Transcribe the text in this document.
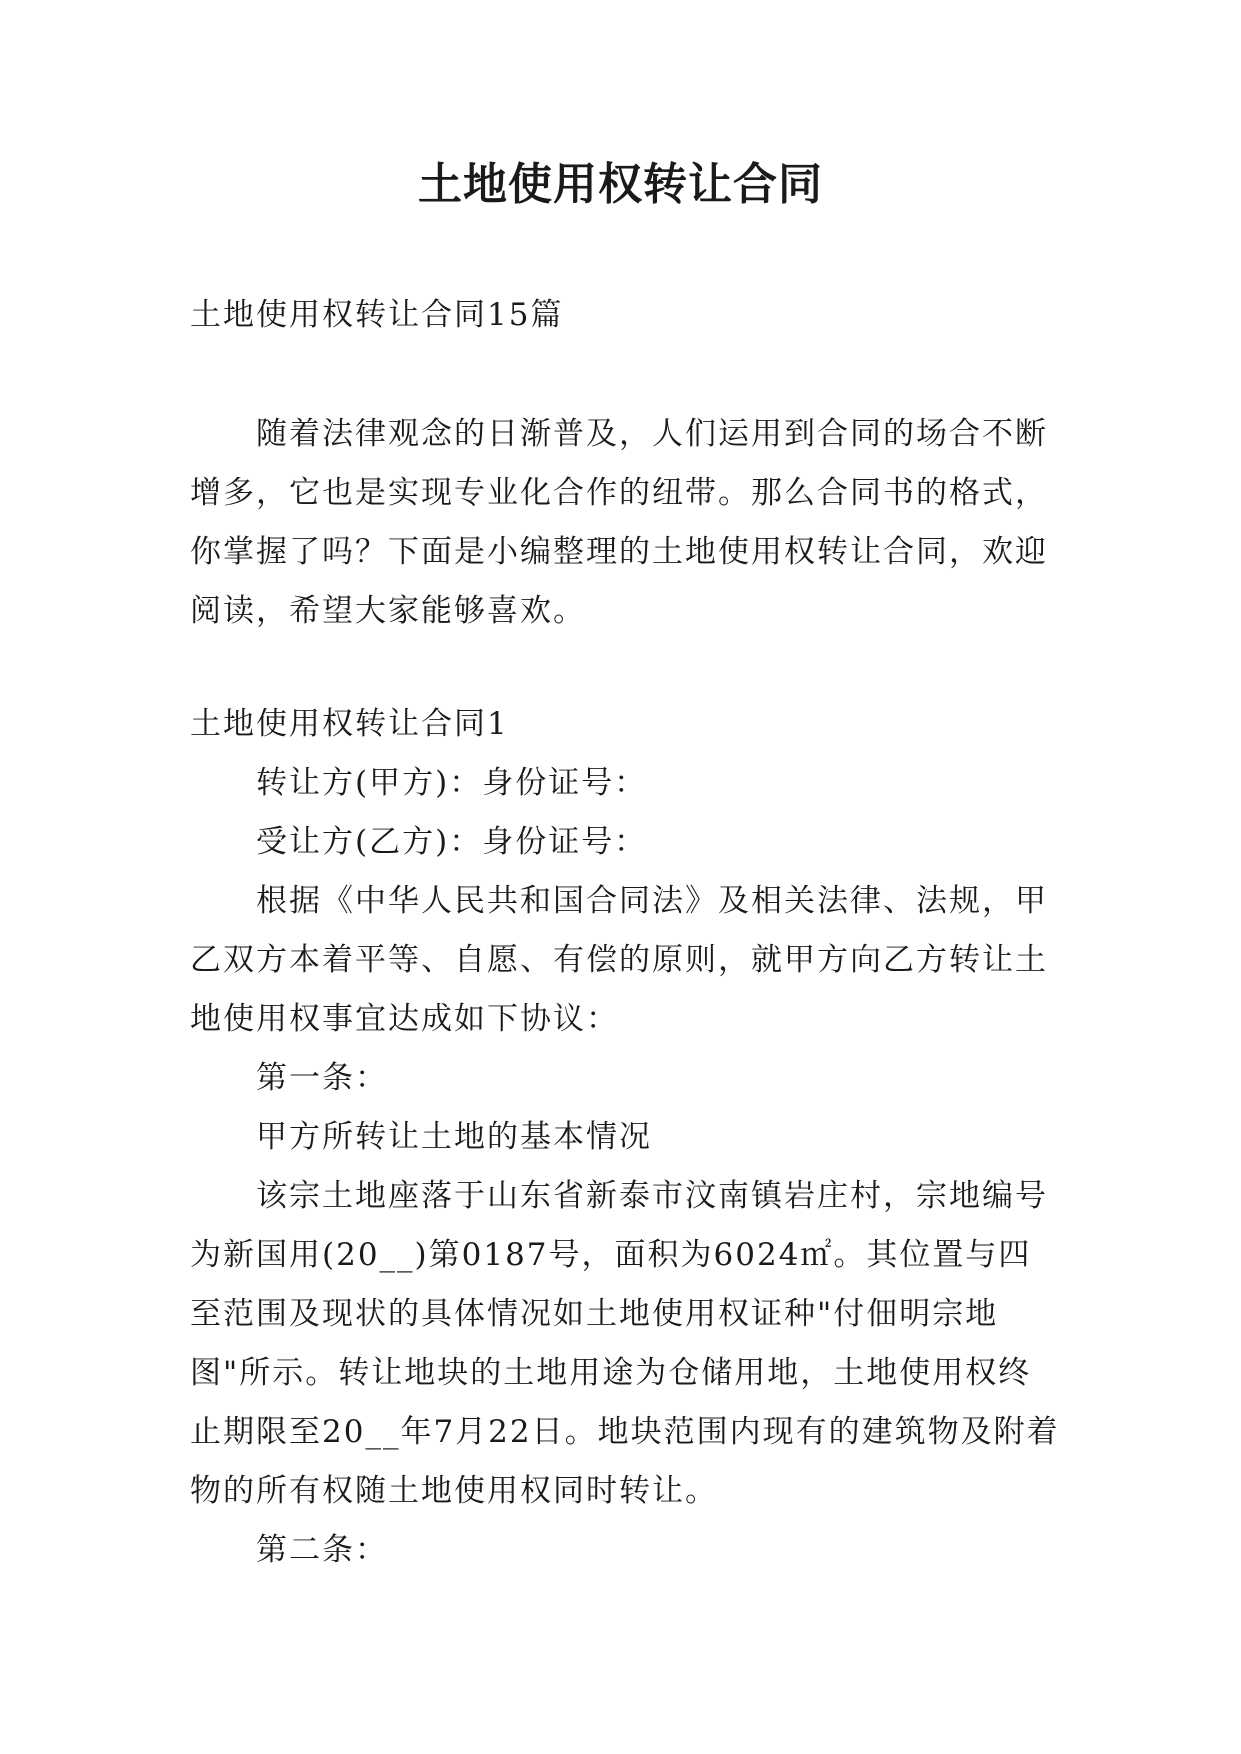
土地使用权转让合同

土地使用权转让合同15篇

随着法律观念的日渐普及，人们运用到合同的场合不断增多，它也是实现专业化合作的纽带。那么合同书的格式，你掌握了吗？下面是小编整理的土地使用权转让合同，欢迎阅读，希望大家能够喜欢。

土地使用权转让合同1

转让方(甲方)：身份证号：

受让方(乙方)：身份证号：

根据《中华人民共和国合同法》及相关法律、法规，甲乙双方本着平等、自愿、有偿的原则，就甲方向乙方转让土地使用权事宜达成如下协议：

第一条：

甲方所转让土地的基本情况

该宗土地座落于山东省新泰市汶南镇岩庄村，宗地编号为新国用(20__)第0187号，面积为6024㎡。其位置与四至范围及现状的具体情况如土地使用权证种"付佃明宗地图"所示。转让地块的土地用途为仓储用地，土地使用权终止期限至20__年7月22日。地块范围内现有的建筑物及附着物的所有权随土地使用权同时转让。

第二条：
